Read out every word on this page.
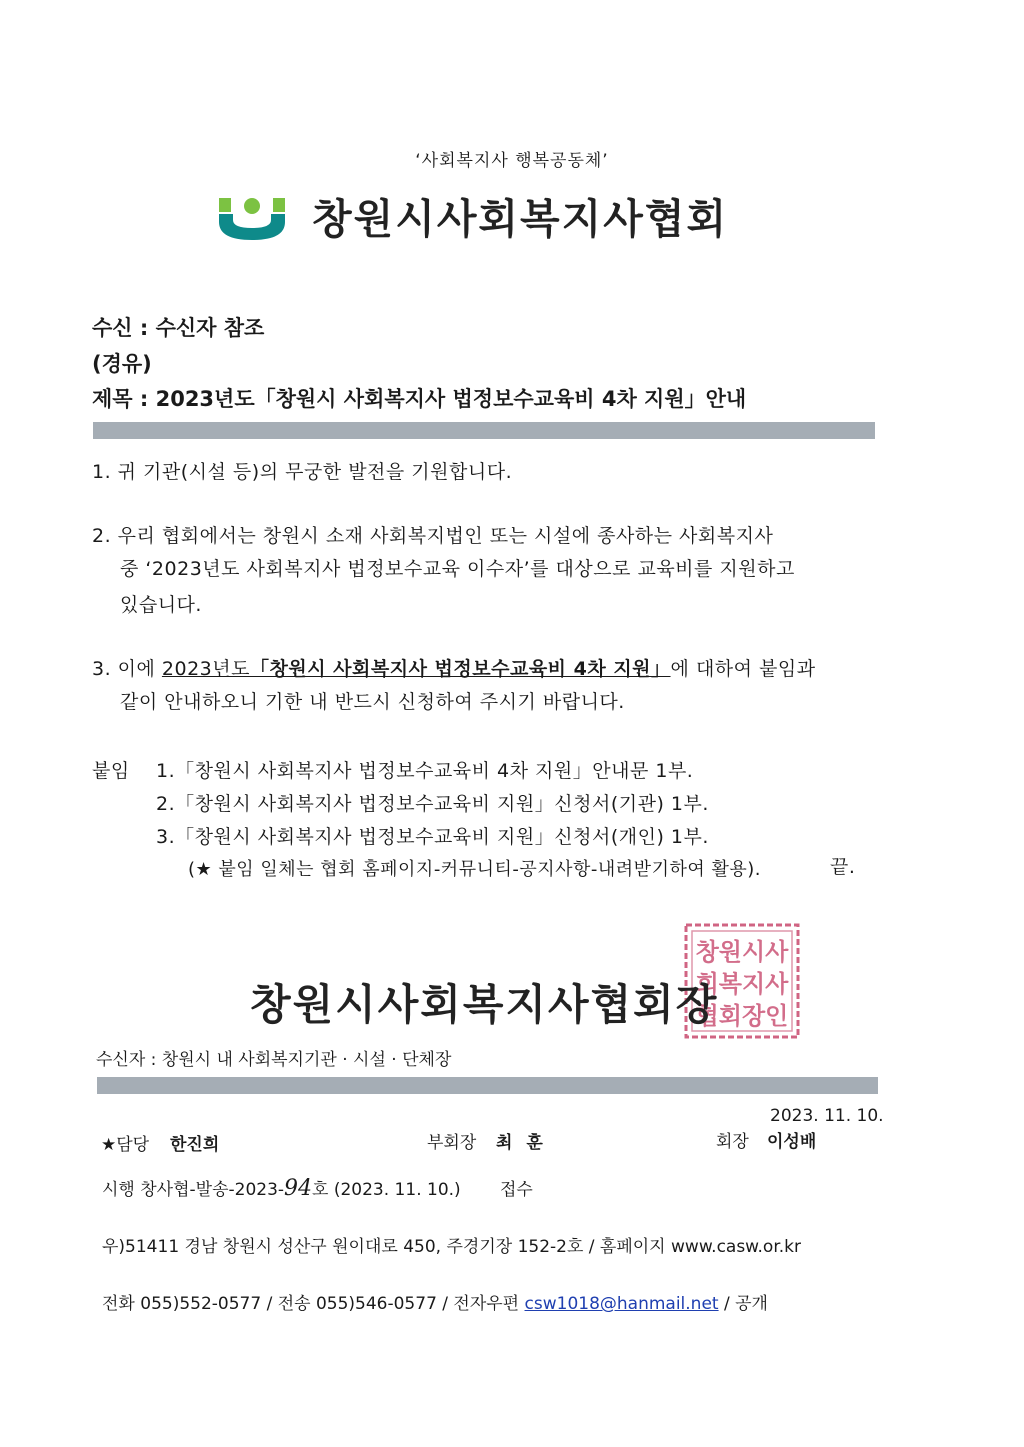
‘사회복지사 행복공동체’
창원시사회복지사협회
수신 : 수신자 참조
(경유)
제목 : 2023년도「창원시 사회복지사 법정보수교육비 4차 지원」안내
1. 귀 기관(시설 등)의 무궁한 발전을 기원합니다.
2. 우리 협회에서는 창원시 소재 사회복지법인 또는 시설에 종사하는 사회복지사
중 ‘2023년도 사회복지사 법정보수교육 이수자’를 대상으로 교육비를 지원하고
있습니다.
3. 이에 2023년도「창원시 사회복지사 법정보수교육비 4차 지원」에 대하여 붙임과
같이 안내하오니 기한 내 반드시 신청하여 주시기 바랍니다.
붙임 1.「창원시 사회복지사 법정보수교육비 4차 지원」안내문 1부.
2.「창원시 사회복지사 법정보수교육비 지원」신청서(기관) 1부.
3.「창원시 사회복지사 법정보수교육비 지원」신청서(개인) 1부.
(★ 붙임 일체는 협회 홈페이지-커뮤니티-공지사항-내려받기하여 활용).	끝.
창원시사
회복지사
협회장인
창원시사회복지사협회장
수신자 : 창원시 내 사회복지기관 · 시설 · 단체장
2023. 11. 10.
★담당 한진희	부회장 최 훈	회장 이성배
시행 창사협-발송-2023-94호 (2023. 11. 10.) 접수
우)51411 경남 창원시 성산구 원이대로 450, 주경기장 152-2호 / 홈페이지 www.casw.or.kr
전화 055)552-0577 / 전송 055)546-0577 / 전자우편 csw1018@hanmail.net / 공개
